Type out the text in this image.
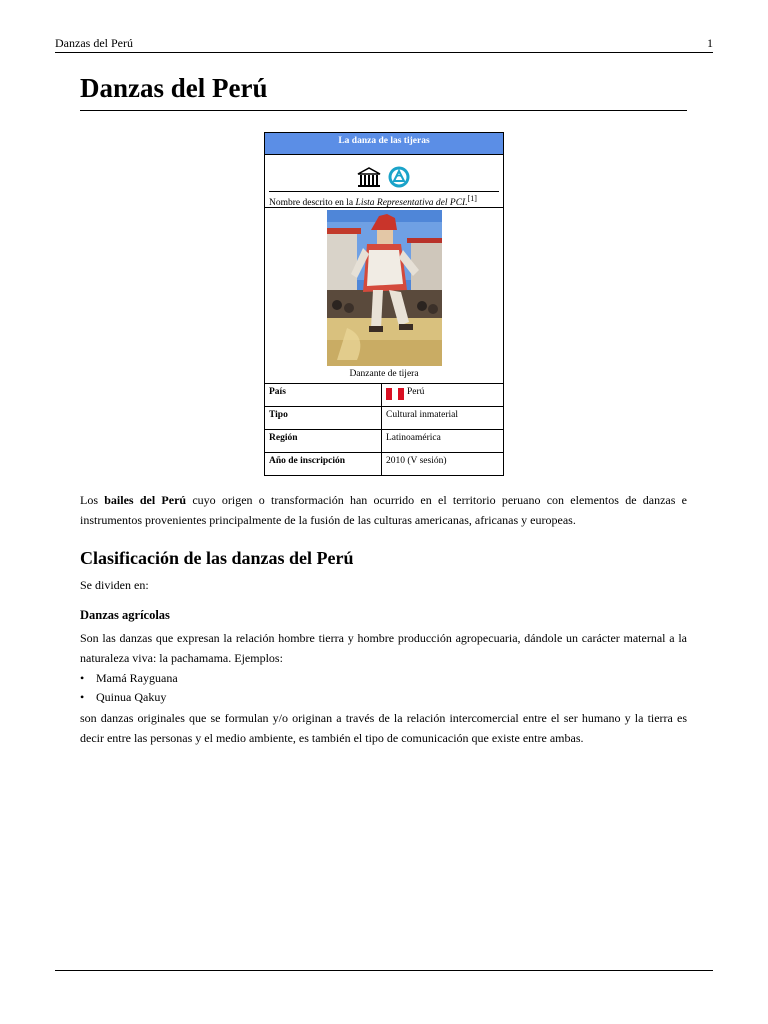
Danzas del Perú	1
Danzas del Perú
La danza de las tijeras
Nombre descrito en la Lista Representativa del PCI.[1]
Danzante de tijera
País	Perú
Tipo	Cultural inmaterial
Región	Latinoamérica
Año de inscripción	2010 (V sesión)

Los bailes del Perú cuyo origen o transformación han ocurrido en el territorio peruano con elementos de danzas e instrumentos provenientes principalmente de la fusión de las culturas americanas, africanas y europeas.

Clasificación de las danzas del Perú

Se dividen en:

Danzas agrícolas

Son las danzas que expresan la relación hombre tierra y hombre producción agropecuaria, dándole un carácter maternal a la naturaleza viva: la pachamama. Ejemplos:

• Mamá Rayguana
• Quinua Qakuy

son danzas originales que se formulan y/o originan a través de la relación intercomercial entre el ser humano y la tierra es decir entre las personas y el medio ambiente, es también el tipo de comunicación que existe entre ambas.
